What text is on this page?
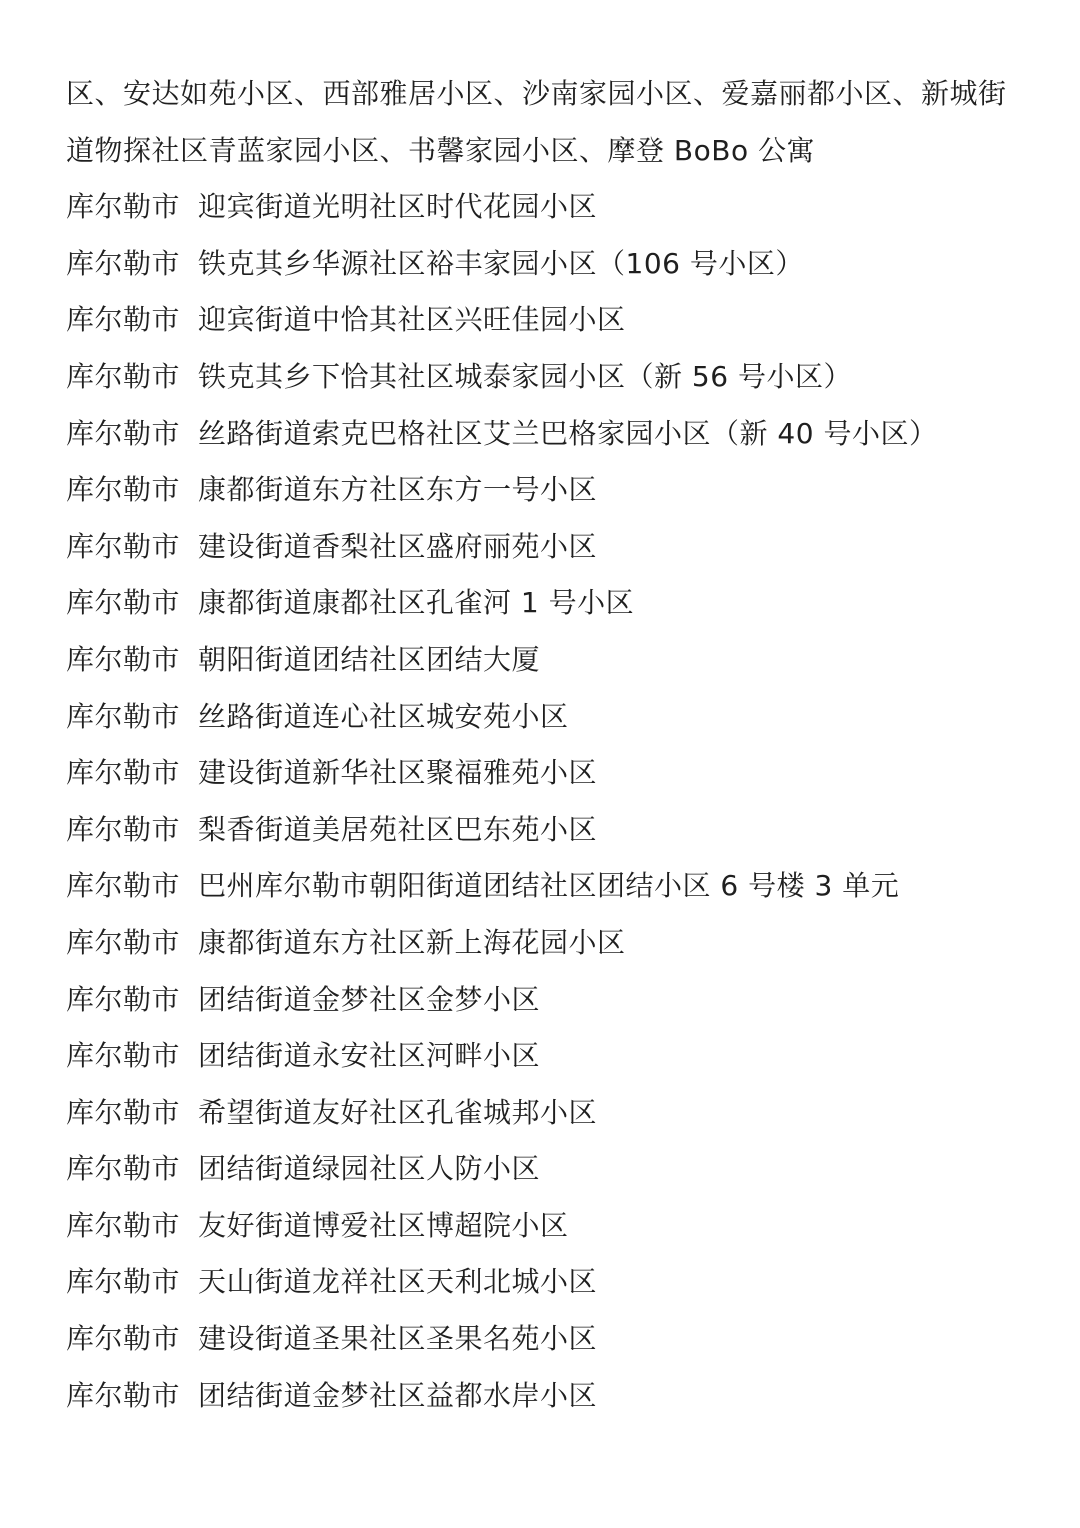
区、安达如苑小区、西部雅居小区、沙南家园小区、爱嘉丽都小区、新城街
道物探社区青蓝家园小区、书馨家园小区、摩登 BoBo 公寓
库尔勒市 迎宾街道光明社区时代花园小区
库尔勒市 铁克其乡华源社区裕丰家园小区（106 号小区）
库尔勒市 迎宾街道中恰其社区兴旺佳园小区
库尔勒市 铁克其乡下恰其社区城泰家园小区（新 56 号小区）
库尔勒市 丝路街道索克巴格社区艾兰巴格家园小区（新 40 号小区）
库尔勒市 康都街道东方社区东方一号小区
库尔勒市 建设街道香梨社区盛府丽苑小区
库尔勒市 康都街道康都社区孔雀河 1 号小区
库尔勒市 朝阳街道团结社区团结大厦
库尔勒市 丝路街道连心社区城安苑小区
库尔勒市 建设街道新华社区聚福雅苑小区
库尔勒市 梨香街道美居苑社区巴东苑小区
库尔勒市 巴州库尔勒市朝阳街道团结社区团结小区 6 号楼 3 单元
库尔勒市 康都街道东方社区新上海花园小区
库尔勒市 团结街道金梦社区金梦小区
库尔勒市 团结街道永安社区河畔小区
库尔勒市 希望街道友好社区孔雀城邦小区
库尔勒市 团结街道绿园社区人防小区
库尔勒市 友好街道博爱社区博超院小区
库尔勒市 天山街道龙祥社区天利北城小区
库尔勒市 建设街道圣果社区圣果名苑小区
库尔勒市 团结街道金梦社区益都水岸小区
